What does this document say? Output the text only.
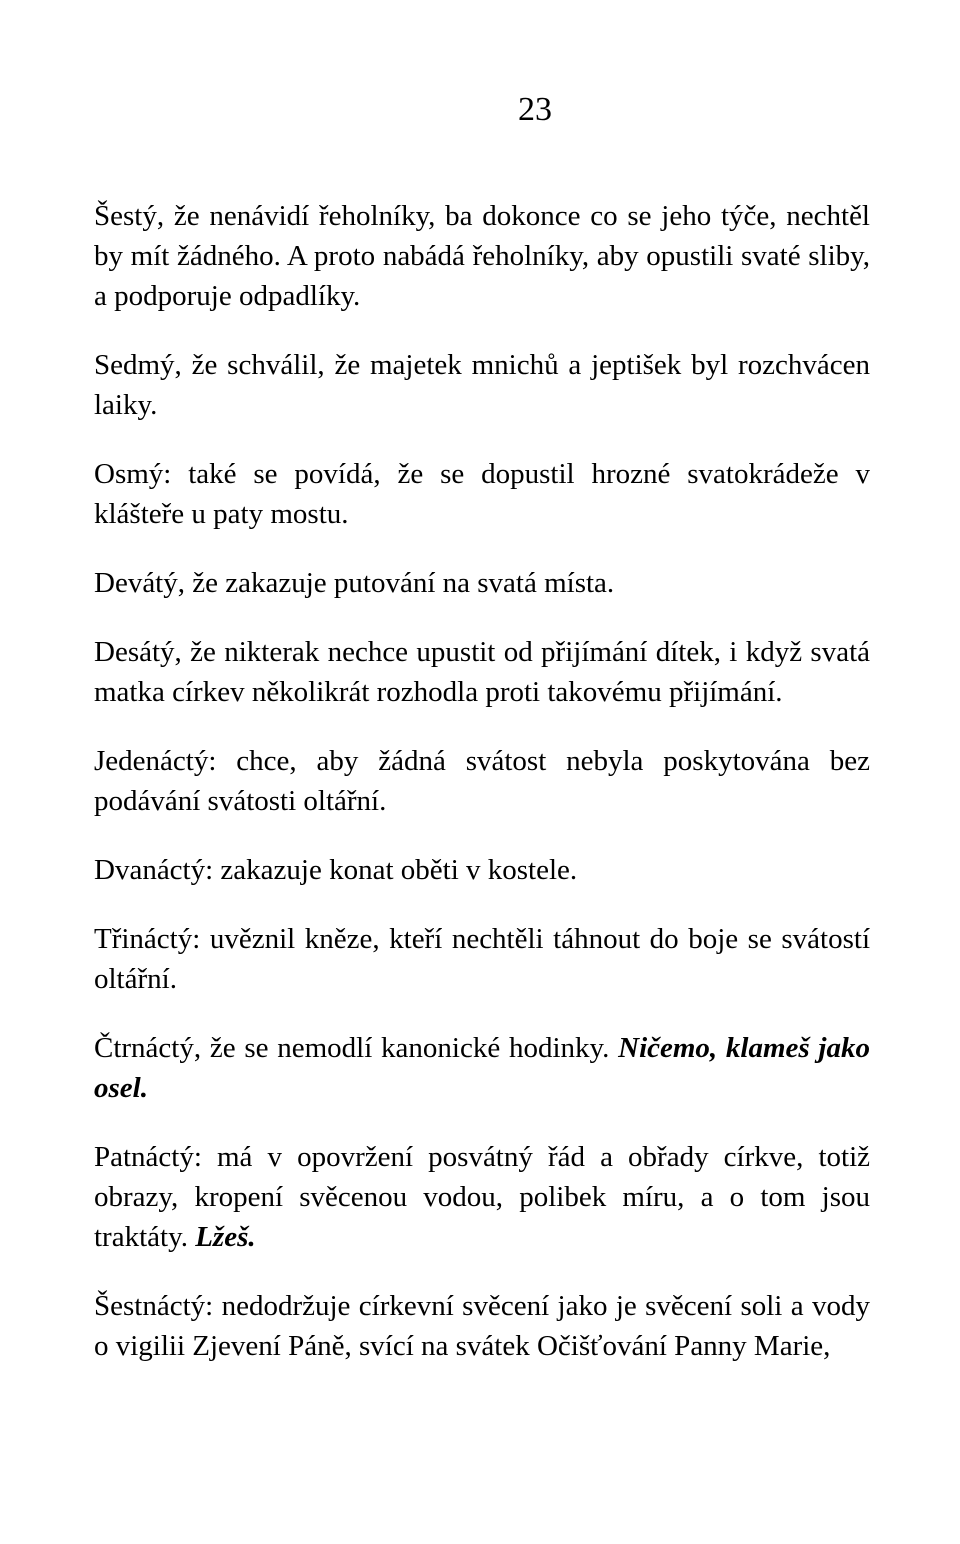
23

Šestý, že nenávidí řeholníky, ba dokonce co se jeho týče, nechtěl by mít žádného. A proto nabádá řeholníky, aby opustili svaté sliby, a podporuje odpadlíky.

Sedmý, že schválil, že majetek mnichů a jeptišek byl rozchvácen laiky.

Osmý: také se povídá, že se dopustil hrozné svatokrádeže v klášteře u paty mostu.

Devátý, že zakazuje putování na svatá místa.

Desátý, že nikterak nechce upustit od přijímání dítek, i když svatá matka církev několikrát rozhodla proti takovému přijímání.

Jedenáctý: chce, aby žádná svátost nebyla poskytována bez podávání svátosti oltářní.

Dvanáctý: zakazuje konat oběti v kostele.

Třináctý: uvěznil kněze, kteří nechtěli táhnout do boje se svátostí oltářní.

Čtrnáctý, že se nemodlí kanonické hodinky. Ničemo, klameš jako osel.

Patnáctý: má v opovržení posvátný řád a obřady církve, totiž obrazy, kropení svěcenou vodou, polibek míru, a o tom jsou traktáty. Lžeš.

Šestnáctý: nedodržuje církevní svěcení jako je svěcení soli a vody o vigilii Zjevení Páně, svící na svátek Očišťování Panny Marie,
